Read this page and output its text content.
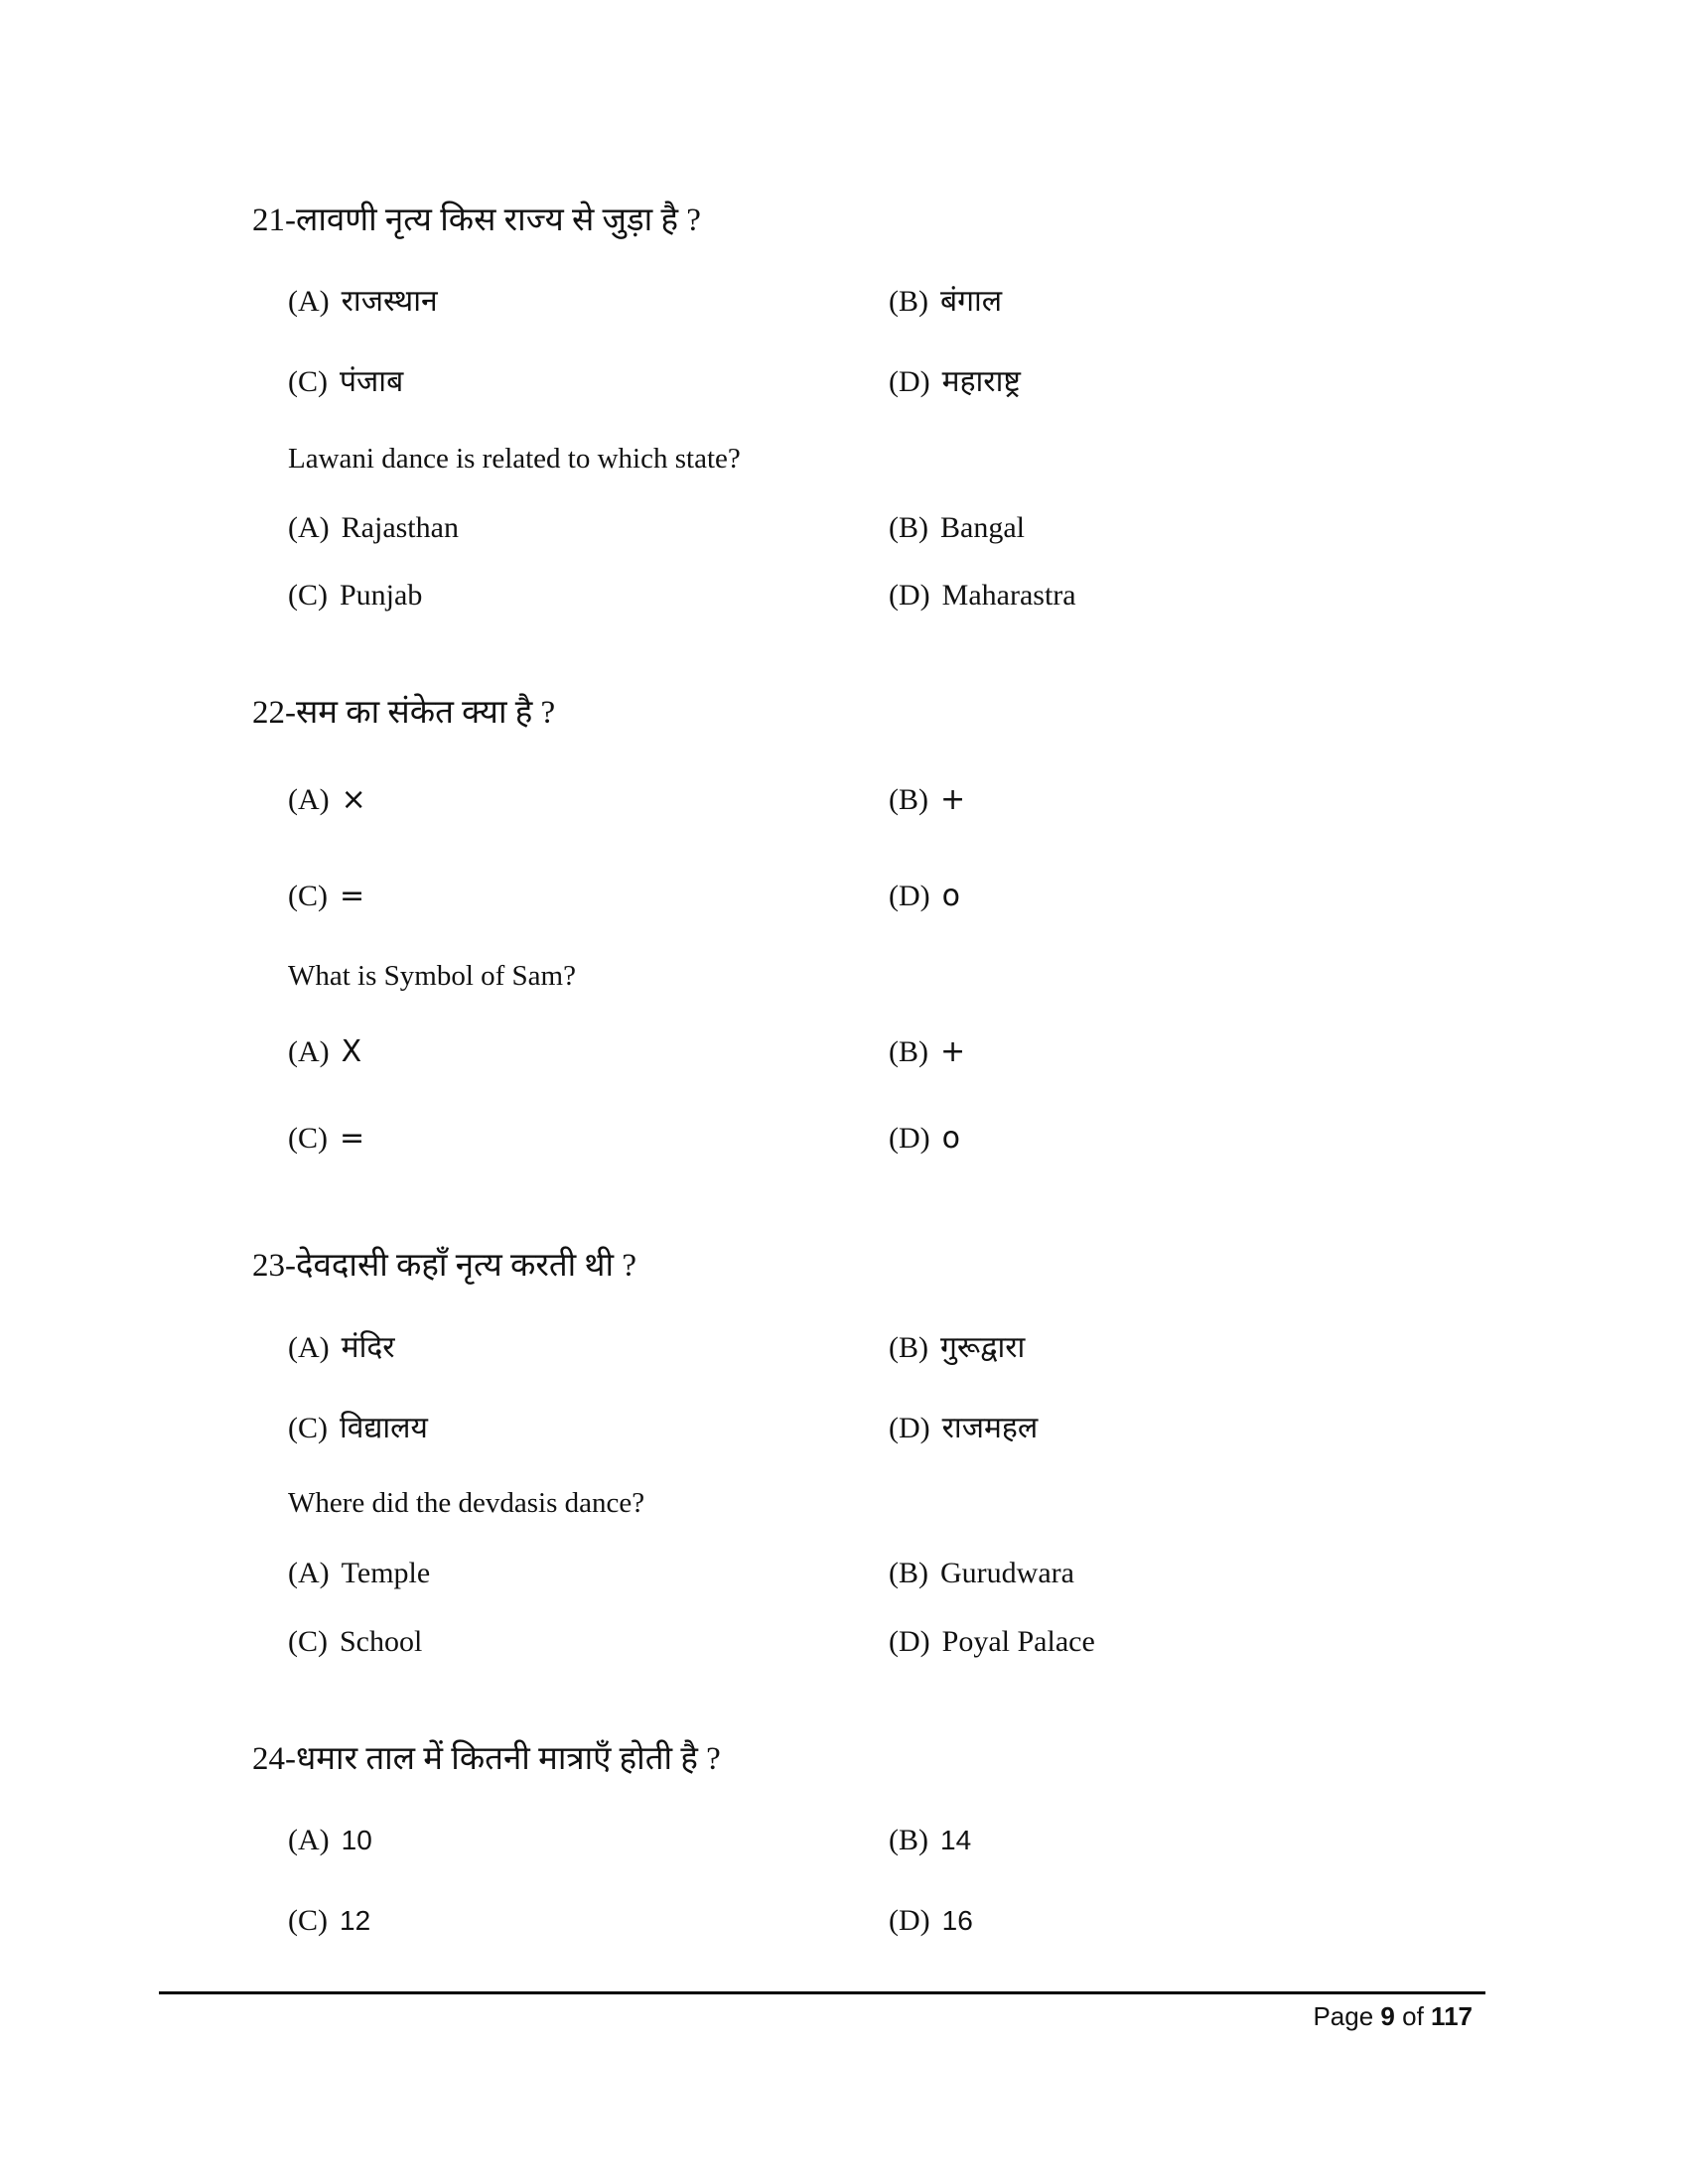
Page 9 of 117
21-लावणी नृत्य किस राज्य से जुड़ा है ?
(A) राजस्थान	(B) बंगाल
(C) पंजाब	(D) महाराष्ट्र
Lawani dance is related to which state?
(A) Rajasthan	(B) Bangal
(C) Punjab	(D) Maharastra
22-सम का संकेत क्या है ?
(A) ×	(B) +
(C) =	(D) o
What is Symbol of Sam?
(A) X	(B) +
(C) =	(D) o
23-देवदासी कहाँ नृत्य करती थी ?
(A) मंदिर	(B) गुरूद्वारा
(C) विद्यालय	(D) राजमहल
Where did the devdasis dance?
(A) Temple	(B) Gurudwara
(C) School	(D) Poyal Palace
24-धमार ताल में कितनी मात्राएँ होती है ?
(A) 10	(B) 14
(C) 12	(D) 16
